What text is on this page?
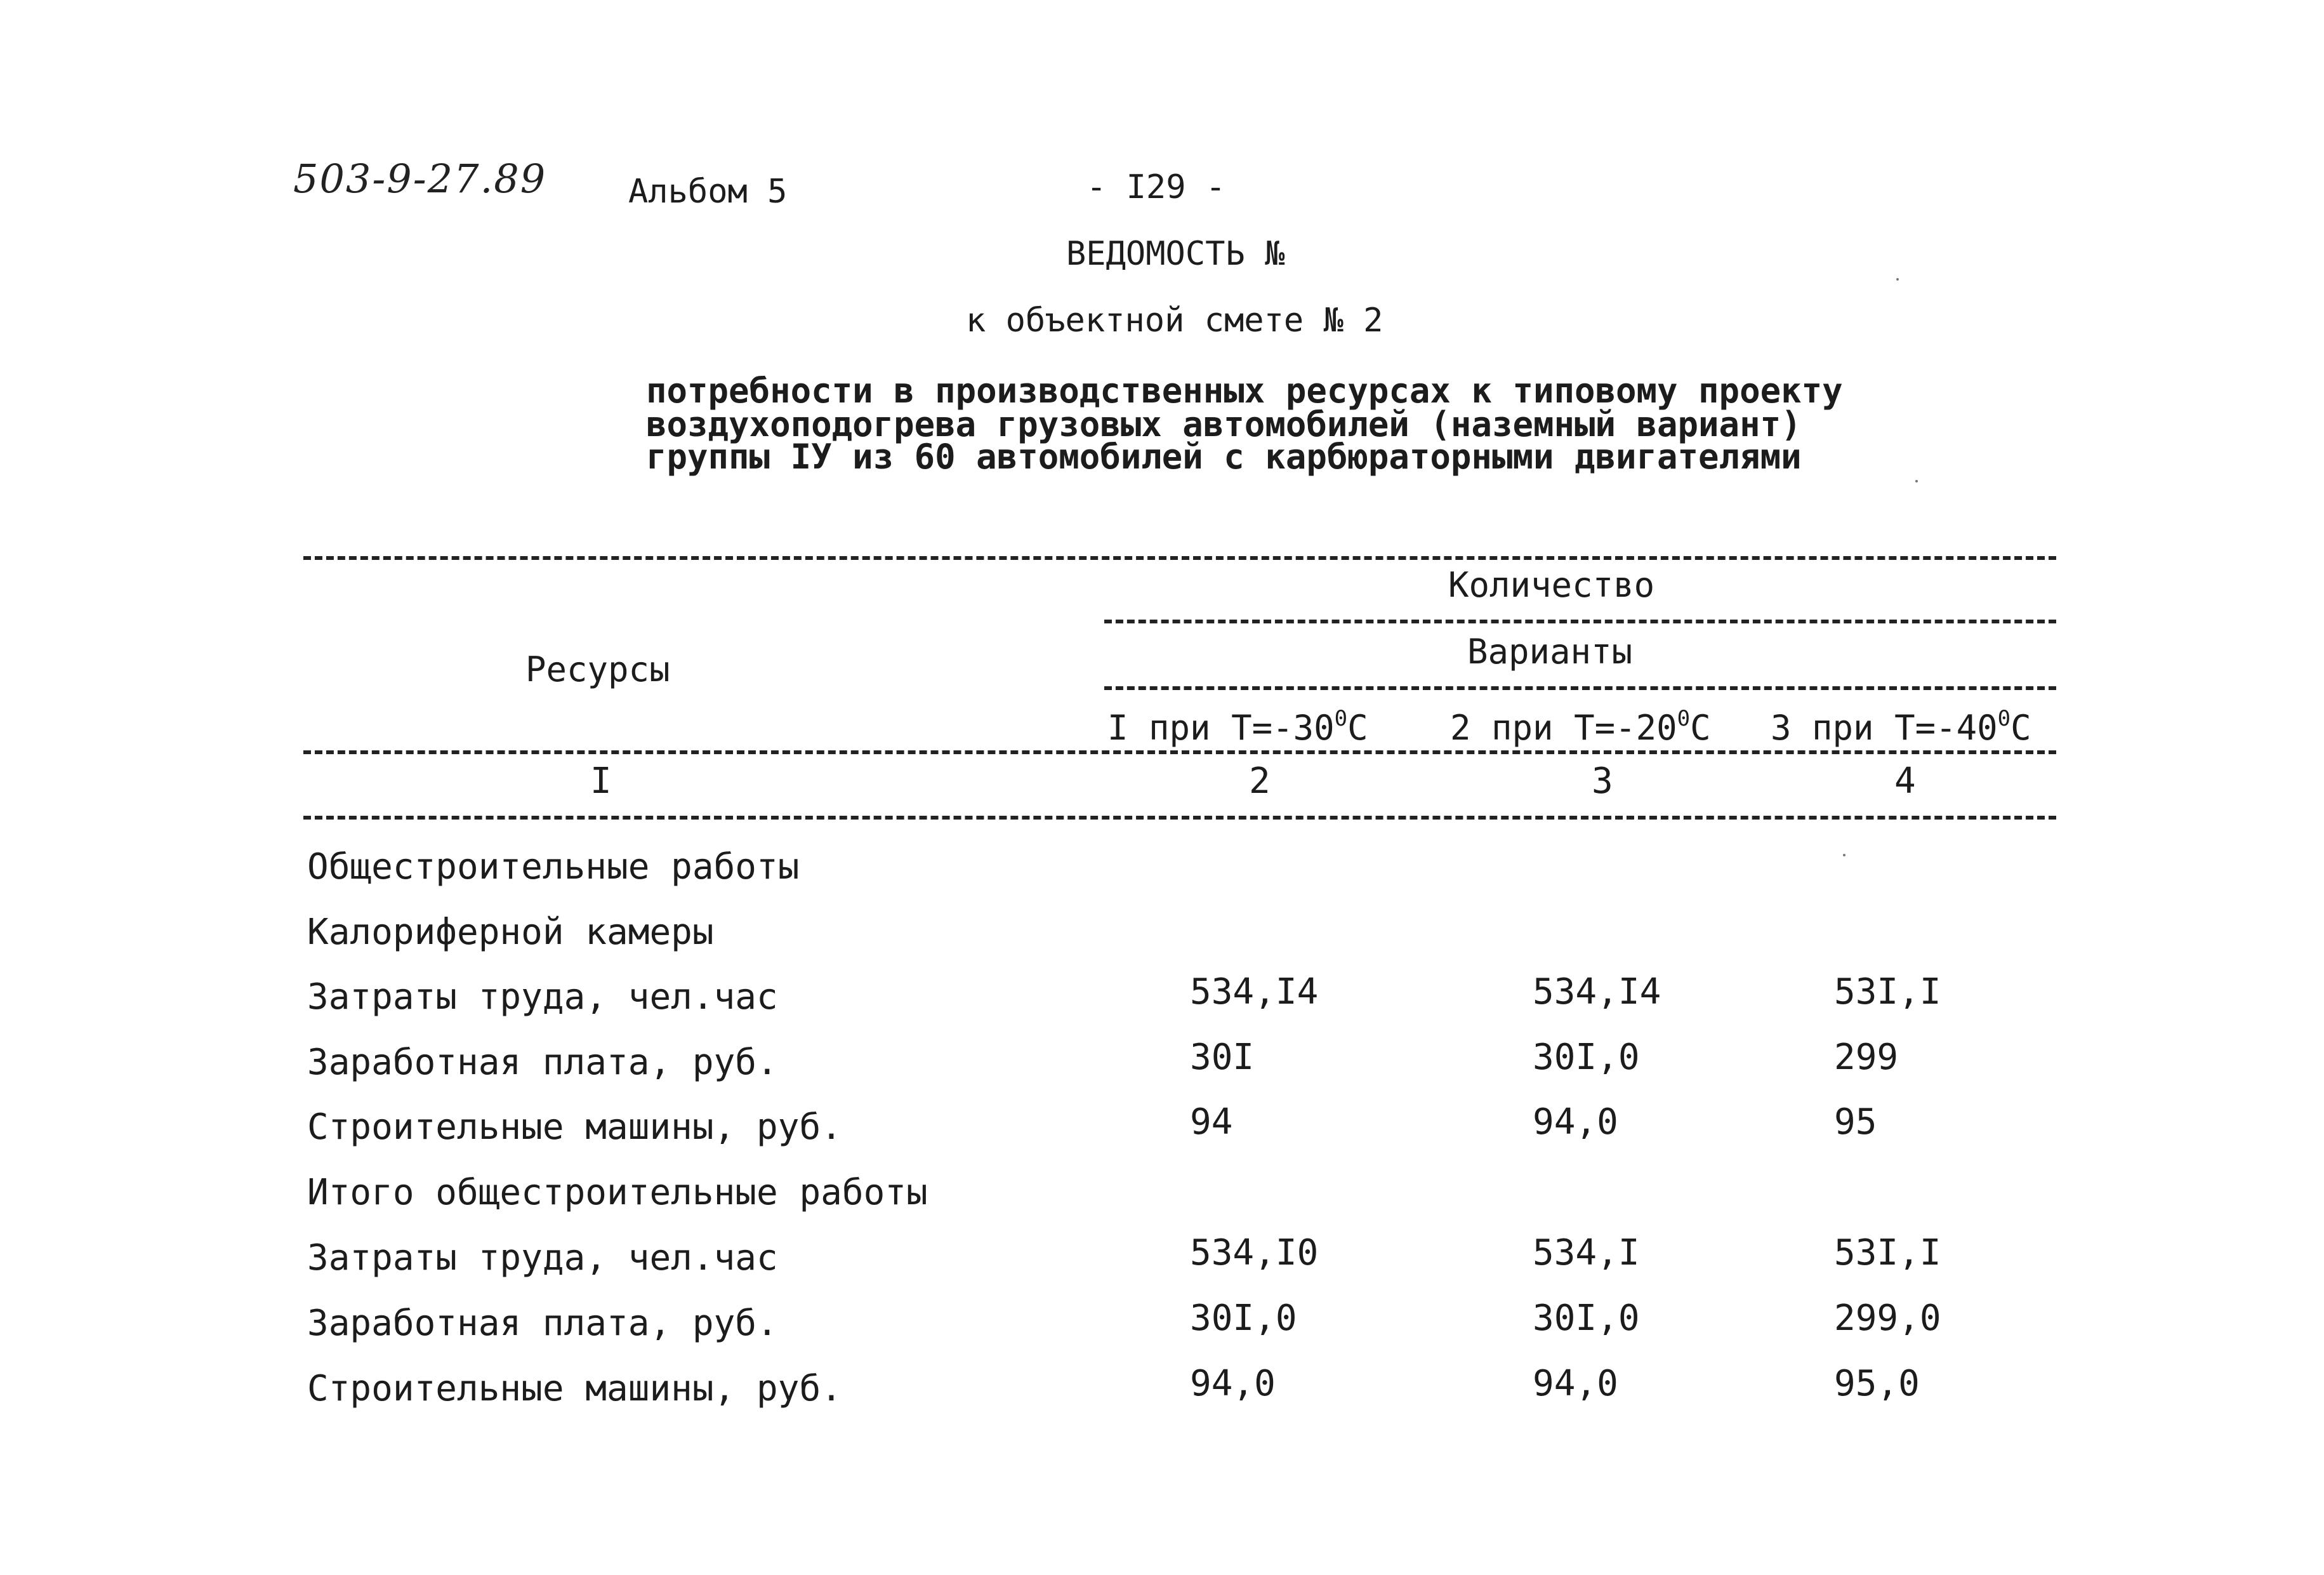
503-9-27.89 Альбом 5	- I29 -
ВЕДОМОСТЬ №
к объектной смете № 2
потребности в производственных ресурсах к типовому проекту
воздухоподогрева грузовых автомобилей (наземный вариант)
группы IУ из 60 автомобилей с карбюраторными двигателями
Ресурсы
Количество
Варианты
I при $Т=-30^0С$ 2 при $Т=-20^0С$ 3 при $Т=-40^0С$
I	2	3	4
Общестроительные работы
Калориферной камеры
Затраты труда, чел.час	534,I4	534,I4	53I,I
Заработная плата, руб.	30I	30I,0	299
Строительные машины, руб.	94	94,0	95
Итого общестроительные работы
Затраты труда, чел.час	534,I0	534,I	53I,I
Заработная плата, руб.	30I,0	30I,0	299,0
Строительные машины, руб.	94,0	94,0	95,0
